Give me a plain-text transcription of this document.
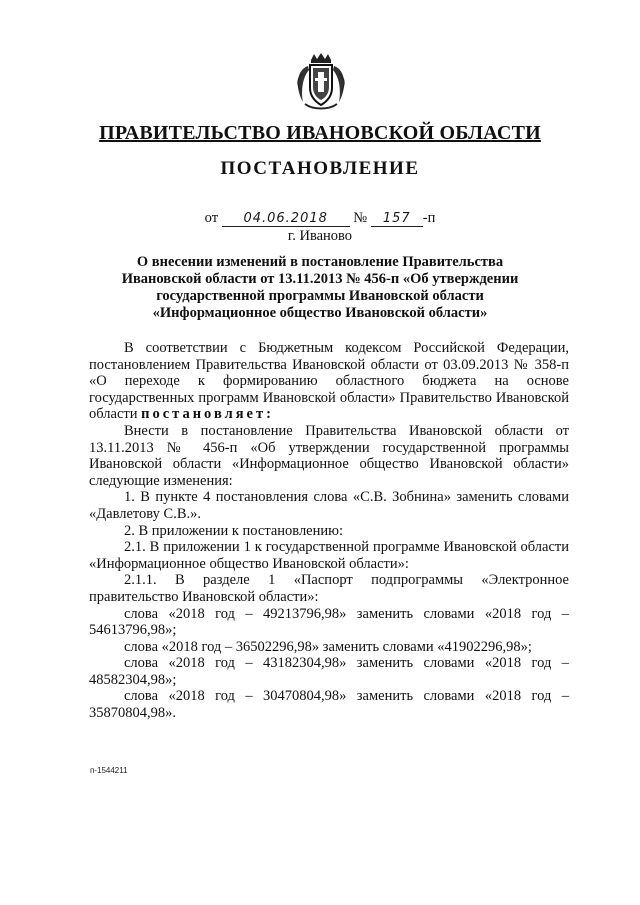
ПРАВИТЕЛЬСТВО ИВАНОВСКОЙ ОБЛАСТИ
ПОСТАНОВЛЕНИЕ
от 04.06.2018 № 157 -п
г. Иваново
О внесении изменений в постановление Правительства
Ивановской области от 13.11.2013 № 456-п «Об утверждении
государственной программы Ивановской области
«Информационное общество Ивановской области»

В соответствии с Бюджетным кодексом Российской Федерации, постановлением Правительства Ивановской области от 03.09.2013 № 358-п «О переходе к формированию областного бюджета на основе государственных программ Ивановской области» Правительство Ивановской области постановляет:

Внести в постановление Правительства Ивановской области от 13.11.2013 № 456-п «Об утверждении государственной программы Ивановской области «Информационное общество Ивановской области» следующие изменения:

1. В пункте 4 постановления слова «С.В. Зобнина» заменить словами «Давлетову С.В.».

2. В приложении к постановлению:

2.1. В приложении 1 к государственной программе Ивановской области «Информационное общество Ивановской области»:

2.1.1. В разделе 1 «Паспорт подпрограммы «Электронное правительство Ивановской области»:

слова «2018 год – 49213796,98» заменить словами «2018 год – 54613796,98»;

слова «2018 год – 36502296,98» заменить словами «41902296,98»;

слова «2018 год – 43182304,98» заменить словами «2018 год – 48582304,98»;

слова «2018 год – 30470804,98» заменить словами «2018 год – 35870804,98».

п-1544211
